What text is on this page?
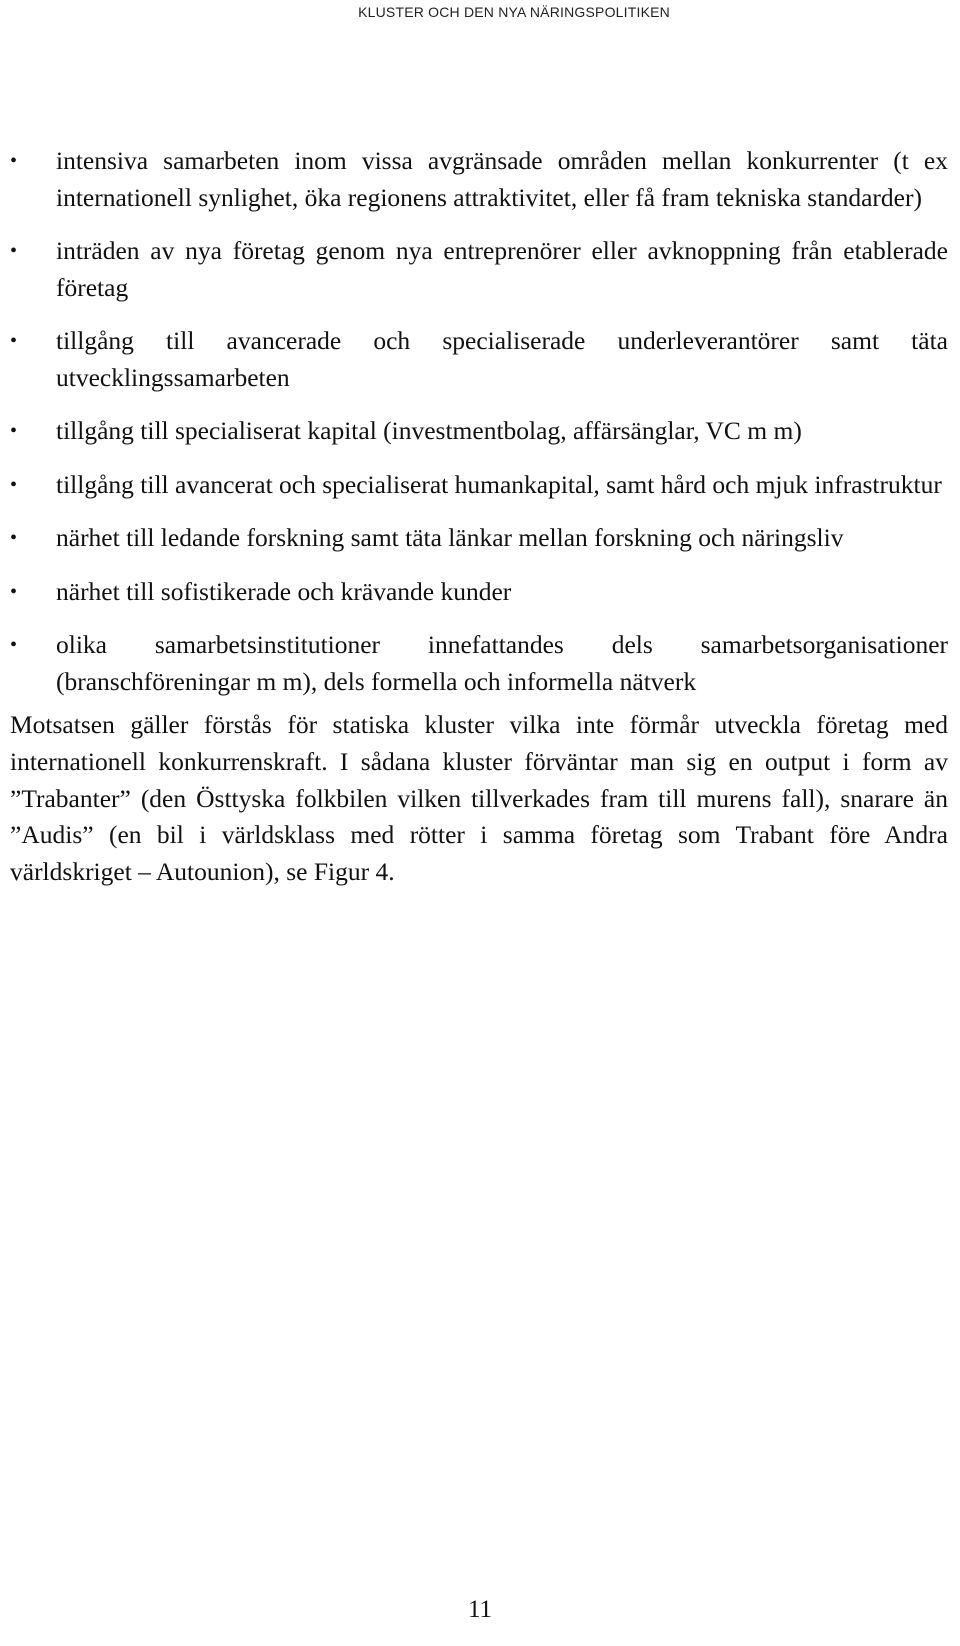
KLUSTER OCH DEN NYA NÄRINGSPOLITIKEN
•	intensiva samarbeten inom vissa avgränsade områden mellan konkurrenter (t ex internationell synlighet, öka regionens attraktivitet, eller få fram tekniska standarder)
•	inträden av nya företag genom nya entreprenörer eller avknoppning från etablerade företag
•	tillgång till avancerade och specialiserade underleverantörer samt täta utvecklingssamarbeten
•	tillgång till specialiserat kapital (investmentbolag, affärsänglar, VC m m)
•	tillgång till avancerat och specialiserat humankapital, samt hård och mjuk infrastruktur
•	närhet till ledande forskning samt täta länkar mellan forskning och näringsliv
•	närhet till sofistikerade och krävande kunder
•	olika samarbetsinstitutioner innefattandes dels samarbetsorganisationer (branschföreningar m m), dels formella och informella nätverk

Motsatsen gäller förstås för statiska kluster vilka inte förmår utveckla företag med internationell konkurrenskraft. I sådana kluster förväntar man sig en output i form av ”Trabanter” (den Östtyska folkbilen vilken tillverkades fram till murens fall), snarare än ”Audis” (en bil i världsklass med rötter i samma företag som Trabant före Andra världskriget – Autounion), se Figur 4.

11
